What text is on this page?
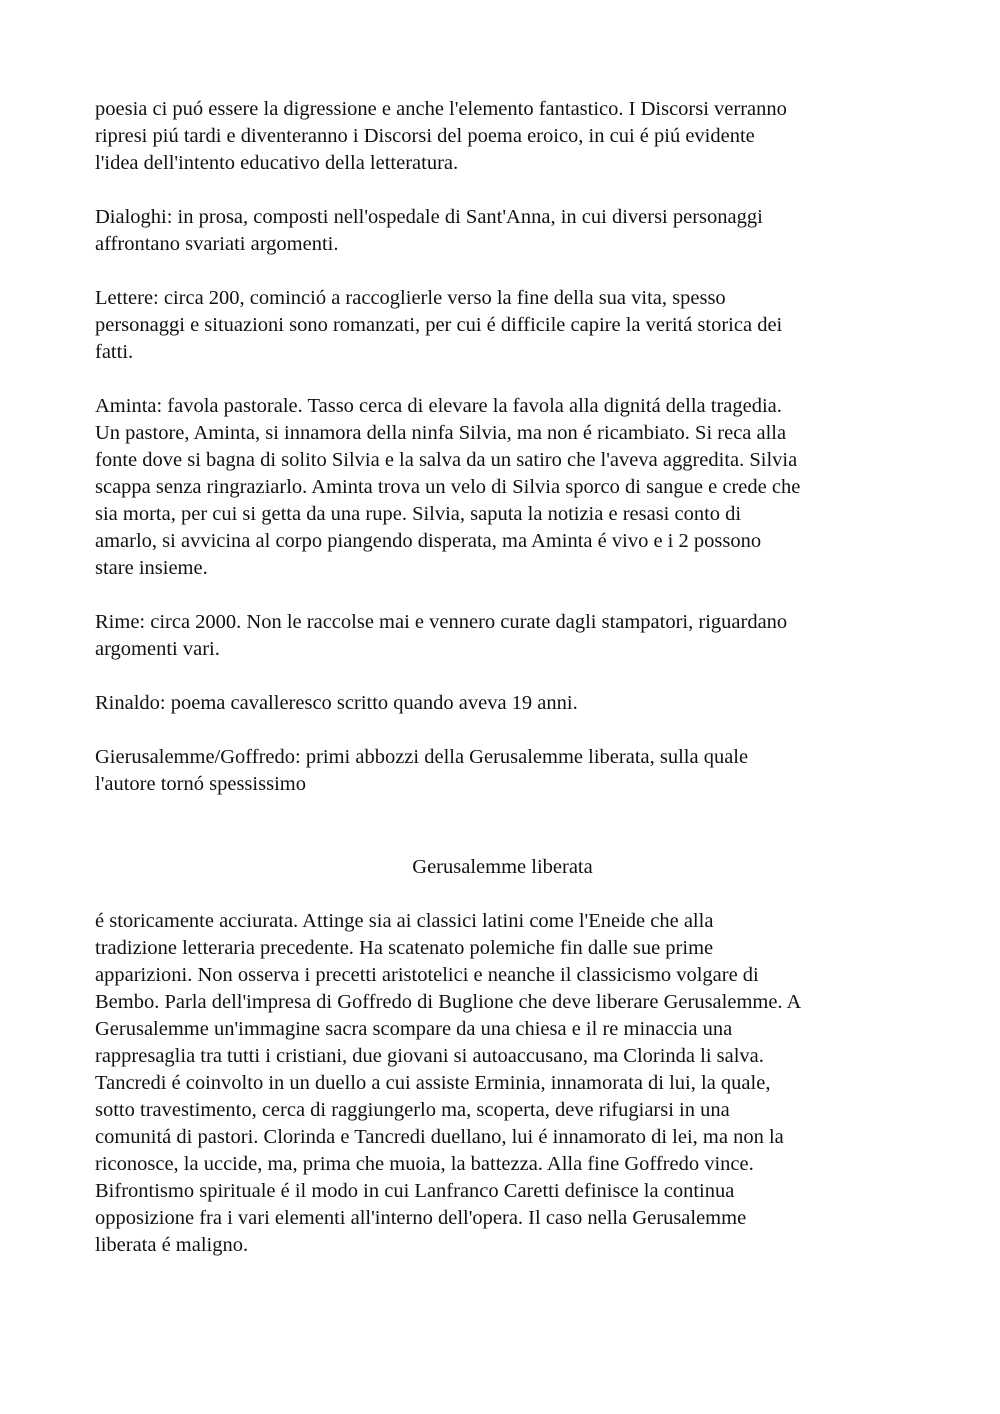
poesia ci puó essere la digressione e anche l'elemento fantastico. I Discorsi verranno
ripresi piú tardi e diventeranno i Discorsi del poema eroico, in cui é piú evidente
l'idea dell'intento educativo della letteratura.

Dialoghi: in prosa, composti nell'ospedale di Sant'Anna, in cui diversi personaggi
affrontano svariati argomenti.

Lettere: circa 200, cominció a raccoglierle verso la fine della sua vita, spesso
personaggi e situazioni sono romanzati, per cui é difficile capire la veritá storica dei
fatti.

Aminta: favola pastorale. Tasso cerca di elevare la favola alla dignitá della tragedia.
Un pastore, Aminta, si innamora della ninfa Silvia, ma non é ricambiato. Si reca alla
fonte dove si bagna di solito Silvia e la salva da un satiro che l'aveva aggredita. Silvia
scappa senza ringraziarlo. Aminta trova un velo di Silvia sporco di sangue e crede che
sia morta, per cui si getta da una rupe. Silvia, saputa la notizia e resasi conto di
amarlo, si avvicina al corpo piangendo disperata, ma Aminta é vivo e i 2 possono
stare insieme.

Rime: circa 2000. Non le raccolse mai e vennero curate dagli stampatori, riguardano
argomenti vari.

Rinaldo: poema cavalleresco scritto quando aveva 19 anni.

Gierusalemme/Goffredo: primi abbozzi della Gerusalemme liberata, sulla quale
l'autore tornó spessissimo

Gerusalemme liberata

é storicamente acciurata. Attinge sia ai classici latini come l'Eneide che alla
tradizione letteraria precedente. Ha scatenato polemiche fin dalle sue prime
apparizioni. Non osserva i precetti aristotelici e neanche il classicismo volgare di
Bembo. Parla dell'impresa di Goffredo di Buglione che deve liberare Gerusalemme. A
Gerusalemme un'immagine sacra scompare da una chiesa e il re minaccia una
rappresaglia tra tutti i cristiani, due giovani si autoaccusano, ma Clorinda li salva.
Tancredi é coinvolto in un duello a cui assiste Erminia, innamorata di lui, la quale,
sotto travestimento, cerca di raggiungerlo ma, scoperta, deve rifugiarsi in una
comunitá di pastori. Clorinda e Tancredi duellano, lui é innamorato di lei, ma non la
riconosce, la uccide, ma, prima che muoia, la battezza. Alla fine Goffredo vince.
Bifrontismo spirituale é il modo in cui Lanfranco Caretti definisce la continua
opposizione fra i vari elementi all'interno dell'opera. Il caso nella Gerusalemme
liberata é maligno.
